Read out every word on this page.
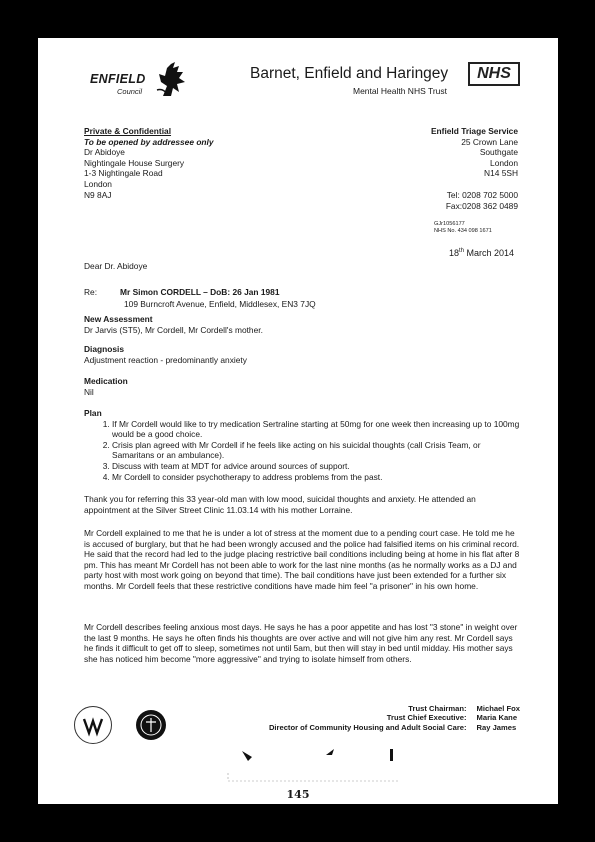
ENFIELD
Council
Barnet, Enfield and Haringey	NHS
Mental Health NHS Trust
Private & Confidential
To be opened by addressee only
Dr Abidoye
Nightingale House Surgery
1-3 Nightingale Road
London
N9 8AJ
Enfield Triage Service
25 Crown Lane
Southgate
London
N14 5SH
Tel: 0208 702 5000
Fax:0208 362 0489
GJr1056177
NHS No. 434 098 1671
18th March 2014
Dear Dr. Abidoye
Re:	Mr Simon CORDELL – DoB: 26 Jan 1981
109 Burncroft Avenue, Enfield, Middlesex, EN3 7JQ
New Assessment
Dr Jarvis (ST5), Mr Cordell, Mr Cordell's mother.
Diagnosis
Adjustment reaction - predominantly anxiety
Medication
Nil
Plan
1. If Mr Cordell would like to try medication Sertraline starting at 50mg for one week then increasing up to 100mg would be a good choice.
2. Crisis plan agreed with Mr Cordell if he feels like acting on his suicidal thoughts (call Crisis Team, or Samaritans or an ambulance).
3. Discuss with team at MDT for advice around sources of support.
4. Mr Cordell to consider psychotherapy to address problems from the past.
Thank you for referring this 33 year-old man with low mood, suicidal thoughts and anxiety. He attended an appointment at the Silver Street Clinic 11.03.14 with his mother Lorraine.
Mr Cordell explained to me that he is under a lot of stress at the moment due to a pending court case. He told me he is accused of burglary, but that he had been wrongly accused and the police had falsified items on his criminal record. He said that the record had led to the judge placing restrictive bail conditions including being at home in his flat after 8 pm. This has meant Mr Cordell has not been able to work for the last nine months (as he normally works as a DJ and party host with most work going on beyond that time). The bail conditions have just been extended for a further six months. Mr Cordell feels that these restrictive conditions have made him feel "a prisoner" in his own home.
Mr Cordell describes feeling anxious most days. He says he has a poor appetite and has lost "3 stone" in weight over the last 9 months. He says he often finds his thoughts are over active and will not give him any rest. Mr Cordell says he finds it difficult to get off to sleep, sometimes not until 5am, but then will stay in bed until midday. His mother says she has noticed him become "more aggressive" and trying to isolate himself from others.
Trust Chairman:	Michael Fox
Trust Chief Executive:	Maria Kane
Director of Community Housing and Adult Social Care:	Ray James
145
